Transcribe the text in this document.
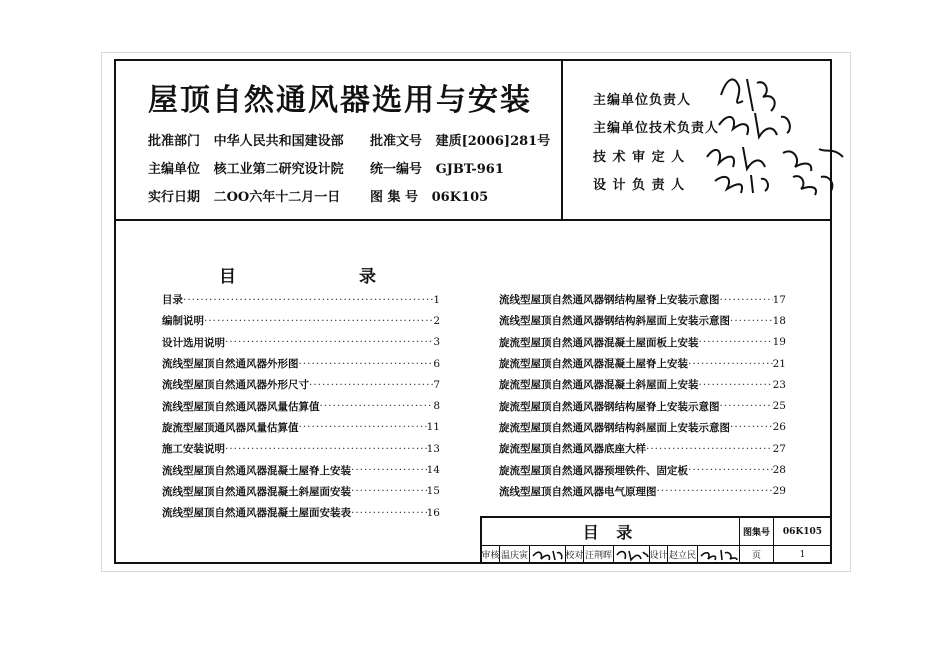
屋顶自然通风器选用与安装
批准部门 中华人民共和国建设部 批准文号 建质[2006]281号
主编单位 核工业第二研究设计院 统一编号 GJBT-961
实行日期 二OO六年十二月一日 图 集 号 06K105
主编单位负责人
主编单位技术负责人
技 术 审 定 人
设 计 负 责 人
目	录
目录 ·····	1
编制说明 ·····	2
设计选用说明 ·····	3
流线型屋顶自然通风器外形图 ·····	6
流线型屋顶自然通风器外形尺寸 ·····	7
流线型屋顶自然通风器风量估算值 ·····	8
旋流型屋顶通风器风量估算值 ·····	11
施工安装说明 ·····	13
流线型屋顶自然通风器混凝土屋脊上安装 ·····	14
流线型屋顶自然通风器混凝土斜屋面安装 ·····	15
流线型屋顶自然通风器混凝土屋面安装表 ·····	16
流线型屋顶自然通风器钢结构屋脊上安装示意图 ·····	17
流线型屋顶自然通风器钢结构斜屋面上安装示意图 ·····	18
旋流型屋顶自然通风器混凝土屋面板上安装 ·····	19
旋流型屋顶自然通风器混凝土屋脊上安装 ·····	21
旋流型屋顶自然通风器混凝土斜屋面上安装 ·····	23
旋流型屋顶自然通风器钢结构屋脊上安装示意图 ·····	25
旋流型屋顶自然通风器钢结构斜屋面上安装示意图 ·····	26
旋流型屋顶自然通风器底座大样 ·····	27
旋流型屋顶自然通风器预埋铁件、固定板 ·····	28
流线型屋顶自然通风器电气原理图 ·····	29
目 录	图集号	06K105
审核 温庆寅	校对 汪荆晖	设计 赵立民	页	1
